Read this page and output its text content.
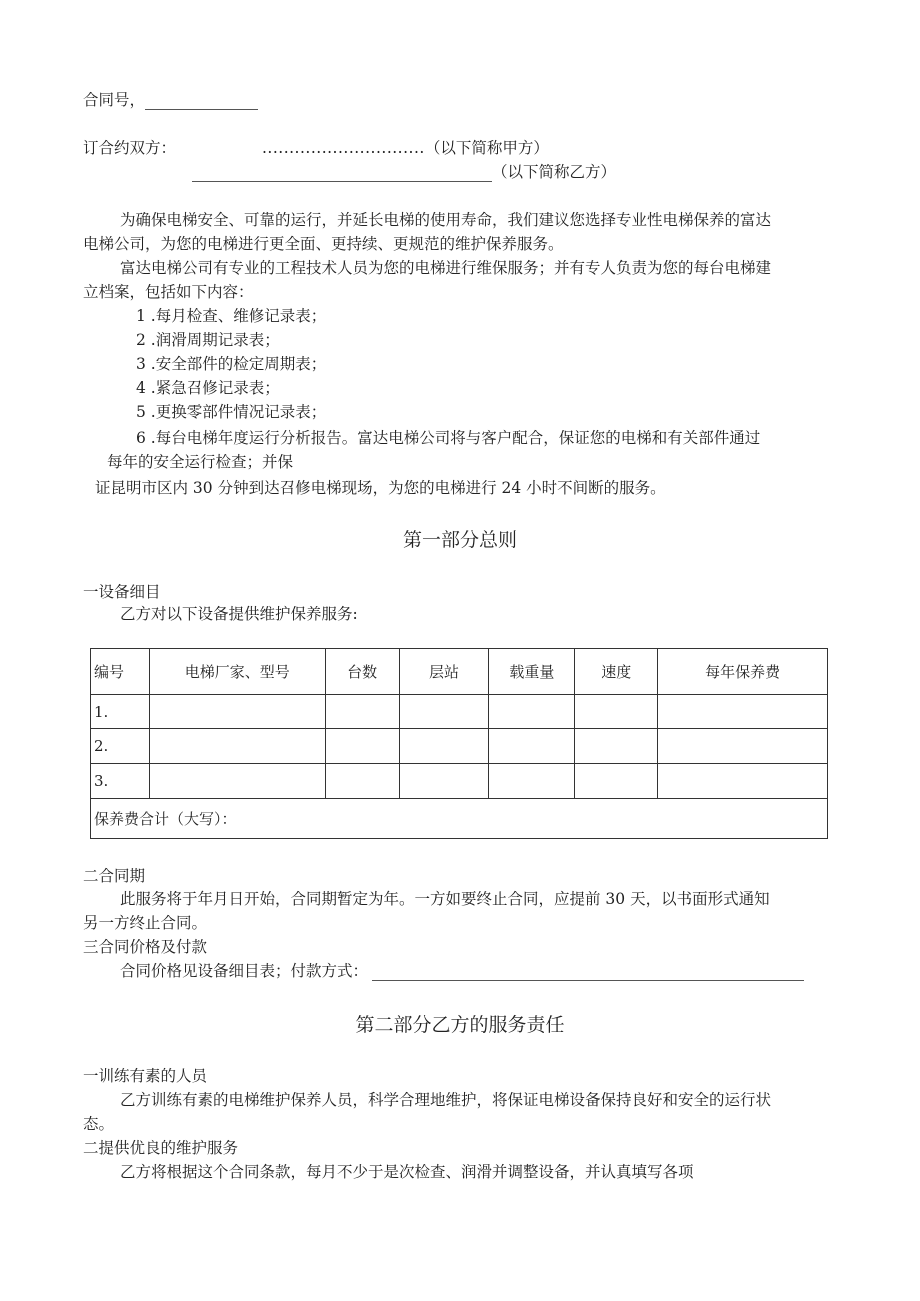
合同号，
订合约双方：	..............................（以下简称甲方）
（以下简称乙方）
为确保电梯安全、可靠的运行，并延长电梯的使用寿命，我们建议您选择专业性电梯保养的富达
电梯公司，为您的电梯进行更全面、更持续、更规范的维护保养服务。
富达电梯公司有专业的工程技术人员为您的电梯进行维保服务；并有专人负责为您的每台电梯建
立档案，包括如下内容：
1 .每月检查、维修记录表；
2 .润滑周期记录表；
3 .安全部件的检定周期表；
4 .紧急召修记录表；
5 .更换零部件情况记录表；
6 .每台电梯年度运行分析报告。富达电梯公司将与客户配合，保证您的电梯和有关部件通过
每年的安全运行检查；并保
证昆明市区内 30 分钟到达召修电梯现场，为您的电梯进行 24 小时不间断的服务。
第一部分总则
一设备细目
乙方对以下设备提供维护保养服务:
编号	电梯厂家、型号	台数	层站	载重量	速度	每年保养费
1.						
2.						
3.						
保养费合计（大写）：						
二合同期
此服务将于年月日开始，合同期暂定为年。一方如要终止合同，应提前 30 天，以书面形式通知
另一方终止合同。
三合同价格及付款
合同价格见设备细目表；付款方式：
第二部分乙方的服务责任
一训练有素的人员
乙方训练有素的电梯维护保养人员，科学合理地维护，将保证电梯设备保持良好和安全的运行状
态。
二提供优良的维护服务
乙方将根据这个合同条款，每月不少于是次检查、润滑并调整设备，并认真填写各项
